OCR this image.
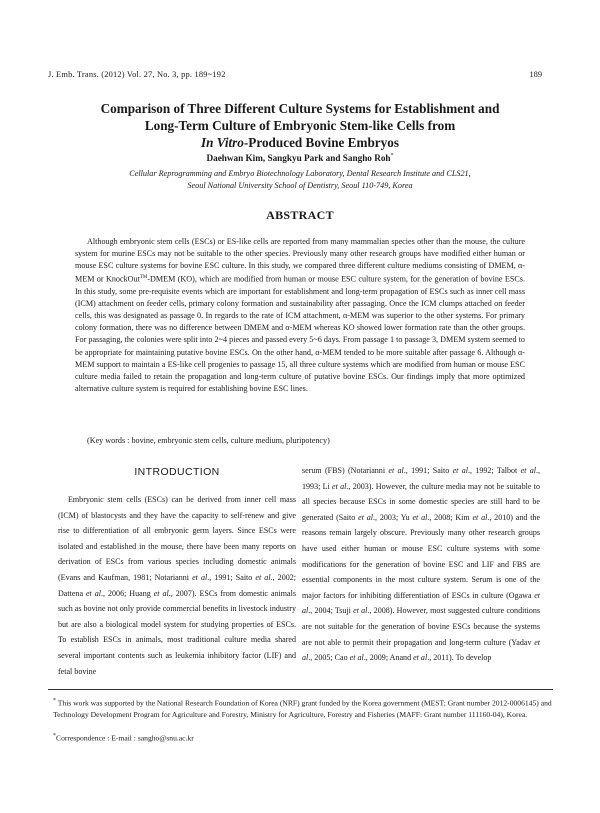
J. Emb. Trans. (2012) Vol. 27, No. 3, pp. 189~192	189
Comparison of Three Different Culture Systems for Establishment and
Long-Term Culture of Embryonic Stem-like Cells from
In Vitro-Produced Bovine Embryos
Daehwan Kim, Sangkyu Park and Sangho Roh*
Cellular Reprogramming and Embryo Biotechnology Laboratory, Dental Research Institute and CLS21,
Seoul National University School of Dentistry, Seoul 110-749, Korea
ABSTRACT
Although embryonic stem cells (ESCs) or ES-like cells are reported from many mammalian species other than the mouse, the culture system for murine ESCs may not be suitable to the other species. Previously many other research groups have modified either human or mouse ESC culture systems for bovine ESC culture. In this study, we compared three different culture mediums consisting of DMEM, α-MEM or KnockOut™-DMEM (KO), which are modified from human or mouse ESC culture system, for the generation of bovine ESCs. In this study, some pre-requisite events which are important for establishment and long-term propagation of ESCs such as inner cell mass (ICM) attachment on feeder cells, primary colony formation and sustainability after passaging. Once the ICM clumps attached on feeder cells, this was designated as passage 0. In regards to the rate of ICM attachment, α-MEM was superior to the other systems. For primary colony formation, there was no difference between DMEM and α-MEM whereas KO showed lower formation rate than the other groups. For passaging, the colonies were split into 2~4 pieces and passed every 5~6 days. From passage 1 to passage 3, DMEM system seemed to be appropriate for maintaining putative bovine ESCs. On the other hand, α-MEM tended to be more suitable after passage 6. Although α-MEM support to maintain a ES-like cell progenies to passage 15, all three culture systems which are modified from human or mouse ESC culture media failed to retain the propagation and long-term culture of putative bovine ESCs. Our findings imply that more optimized alternative culture system is required for establishing bovine ESC lines.
(Key words : bovine, embryonic stem cells, culture medium, pluripotency)
INTRODUCTION
Embryonic stem cells (ESCs) can be derived from inner cell mass (ICM) of blastocysts and they have the capacity to self-renew and give rise to differentiation of all embryonic germ layers. Since ESCs were isolated and established in the mouse, there have been many reports on derivation of ESCs from various species including domestic animals (Evans and Kaufman, 1981; Notarianni et al., 1991; Saito et al., 2002; Dattena et al., 2006; Huang et al., 2007). ESCs from domestic animals such as bovine not only provide commercial benefits in livestock industry but are also a biological model system for studying properties of ESCs. To establish ESCs in animals, most traditional culture media shared several important contents such as leukemia inhibitory factor (LIF) and fetal bovine
serum (FBS) (Notarianni et al., 1991; Saito et al., 1992; Talbot et al., 1993; Li et al., 2003). However, the culture media may not be suitable to all species because ESCs in some domestic species are still hard to be generated (Saito et al., 2003; Yu et al., 2008; Kim et al., 2010) and the reasons remain largely obscure. Previously many other research groups have used either human or mouse ESC culture systems with some modifications for the generation of bovine ESC and LIF and FBS are essential components in the most culture system. Serum is one of the major factors for inhibiting differentiation of ESCs in culture (Ogawa et al., 2004; Tsuji et al., 2008). However, most suggested culture conditions are not suitable for the generation of bovine ESCs because the systems are not able to permit their propagation and long-term culture (Yadav et al., 2005; Cao et al., 2009; Anand et al., 2011). To develop
* This work was supported by the National Research Foundation of Korea (NRF) grant funded by the Korea government (MEST; Grant number 2012-0006145) and Technology Development Program for Agriculture and Forestry, Ministry for Agriculture, Forestry and Fisheries (MAFF: Grant number 111160-04), Korea.
*Correspondence : E-mail : sangho@snu.ac.kr
